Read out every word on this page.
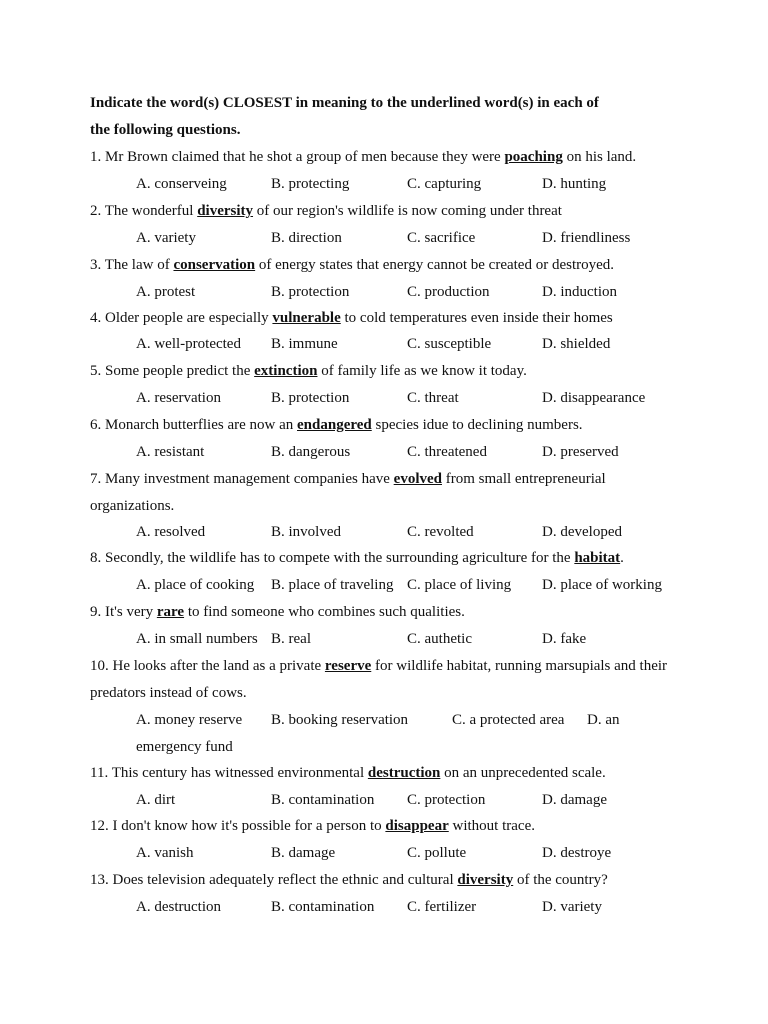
Indicate the word(s) CLOSEST in meaning to the underlined word(s) in each of
the following questions.
1. Mr Brown claimed that he shot a group of men because they were poaching on his land.
A. conserveing	B. protecting	C. capturing	D. hunting
2. The wonderful diversity of our region's wildlife is now coming under threat
A. variety	B. direction	C. sacrifice	D. friendliness
3. The law of conservation of energy states that energy cannot be created or destroyed.
A. protest	B. protection	C. production	D. induction
4. Older people are especially vulnerable to cold temperatures even inside their homes
A. well-protected B. immune	C. susceptible	D. shielded
5. Some people predict the extinction of family life as we know it today.
A. reservation	B. protection	C. threat	D. disappearance
6. Monarch butterflies are now an endangered species idue to declining numbers.
A. resistant	B. dangerous	C. threatened	D. preserved
7. Many investment management companies have evolved from small entrepreneurial
organizations.
A. resolved	B. involved	C. revolted	D. developed
8. Secondly, the wildlife has to compete with the surrounding agriculture for the habitat.
A. place of cooking B. place of traveling C. place of living D. place of working
9. It's very rare to find someone who combines such qualities.
A. in small numbers B. real	C. authetic	D. fake
10. He looks after the land as a private reserve for wildlife habitat, running marsupials and their
predators instead of cows.
A. money reserve B. booking reservation	C. a protected area D. an
emergency fund
11. This century has witnessed environmental destruction on an unprecedented scale.
A. dirt	B. contamination C. protection	D. damage
12. I don't know how it's possible for a person to disappear without trace.
A. vanish	B. damage	C. pollute	D. destroye
13. Does television adequately reflect the ethnic and cultural diversity of the country?
A. destruction	B. contamination C. fertilizer	D. variety
